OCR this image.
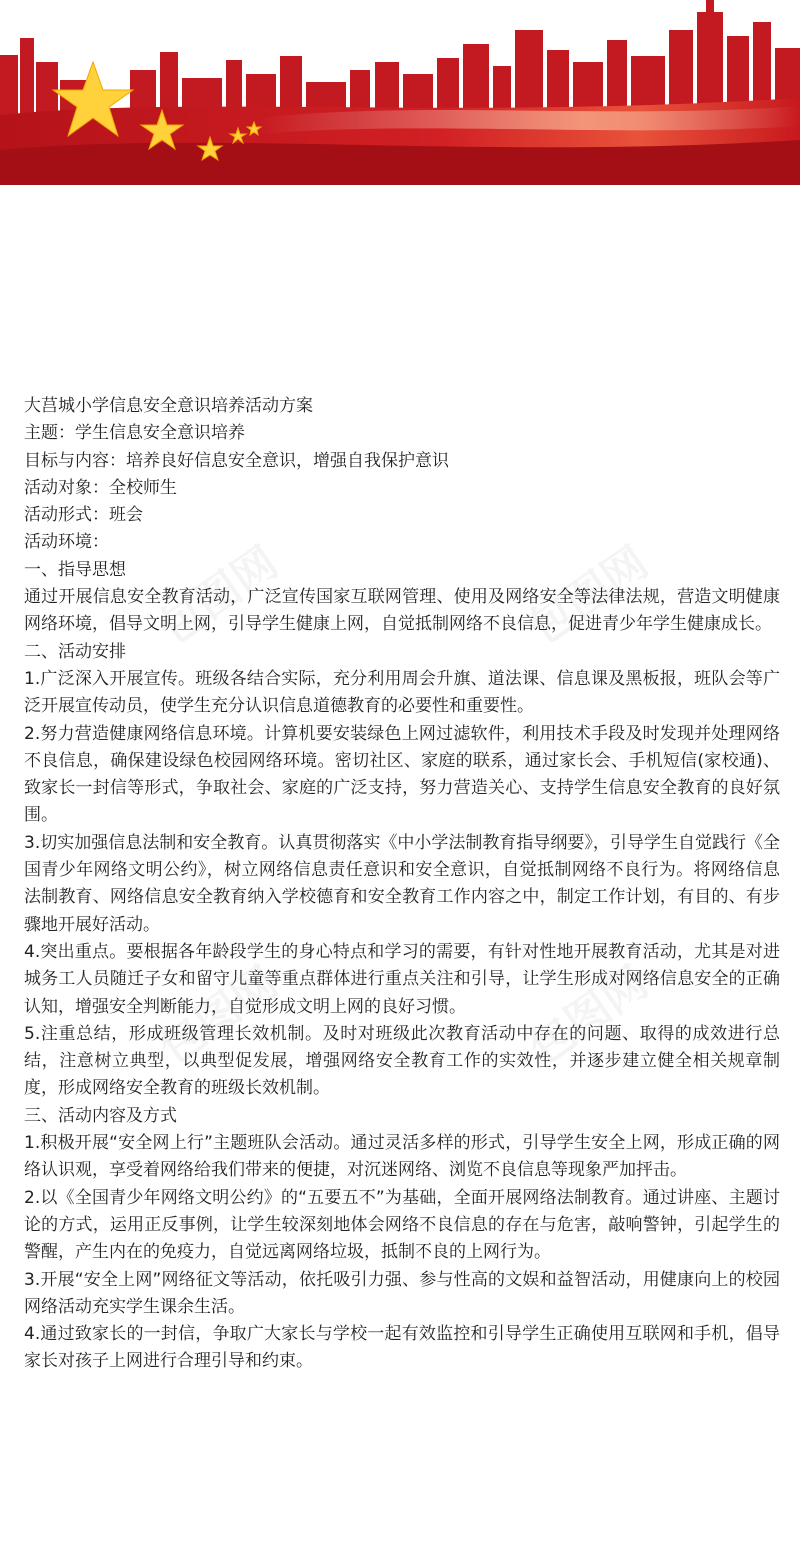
大莒城小学信息安全意识培养活动方案

主题：学生信息安全意识培养

目标与内容：培养良好信息安全意识，增强自我保护意识

活动对象：全校师生

活动形式：班会

活动环境：

一、指导思想

通过开展信息安全教育活动，广泛宣传国家互联网管理、使用及网络安全等法律法规，营造文明健康网络环境，倡导文明上网，引导学生健康上网，自觉抵制网络不良信息，促进青少年学生健康成长。

二、活动安排

1.广泛深入开展宣传。班级各结合实际，充分利用周会升旗、道法课、信息课及黑板报，班队会等广泛开展宣传动员，使学生充分认识信息道德教育的必要性和重要性。

2.努力营造健康网络信息环境。计算机要安装绿色上网过滤软件，利用技术手段及时发现并处理网络不良信息，确保建设绿色校园网络环境。密切社区、家庭的联系，通过家长会、手机短信(家校通)、致家长一封信等形式，争取社会、家庭的广泛支持，努力营造关心、支持学生信息安全教育的良好氛围。

3.切实加强信息法制和安全教育。认真贯彻落实《中小学法制教育指导纲要》，引导学生自觉践行《全国青少年网络文明公约》，树立网络信息责任意识和安全意识，自觉抵制网络不良行为。将网络信息法制教育、网络信息安全教育纳入学校德育和安全教育工作内容之中，制定工作计划，有目的、有步骤地开展好活动。

4.突出重点。要根据各年龄段学生的身心特点和学习的需要，有针对性地开展教育活动，尤其是对进城务工人员随迁子女和留守儿童等重点群体进行重点关注和引导，让学生形成对网络信息安全的正确认知，增强安全判断能力，自觉形成文明上网的良好习惯。

5.注重总结，形成班级管理长效机制。及时对班级此次教育活动中存在的问题、取得的成效进行总结，注意树立典型，以典型促发展，增强网络安全教育工作的实效性，并逐步建立健全相关规章制度，形成网络安全教育的班级长效机制。

三、活动内容及方式

1.积极开展“安全网上行”主题班队会活动。通过灵活多样的形式，引导学生安全上网，形成正确的网络认识观，享受着网络给我们带来的便捷，对沉迷网络、浏览不良信息等现象严加抨击。

2.以《全国青少年网络文明公约》的“五要五不”为基础，全面开展网络法制教育。通过讲座、主题讨论的方式，运用正反事例，让学生较深刻地体会网络不良信息的存在与危害，敲响警钟，引起学生的警醒，产生内在的免疫力，自觉远离网络垃圾，抵制不良的上网行为。

3.开展“安全上网”网络征文等活动，依托吸引力强、参与性高的文娱和益智活动，用健康向上的校园网络活动充实学生课余生活。

4.通过致家长的一封信，争取广大家长与学校一起有效监控和引导学生正确使用互联网和手机，倡导家长对孩子上网进行合理引导和约束。
